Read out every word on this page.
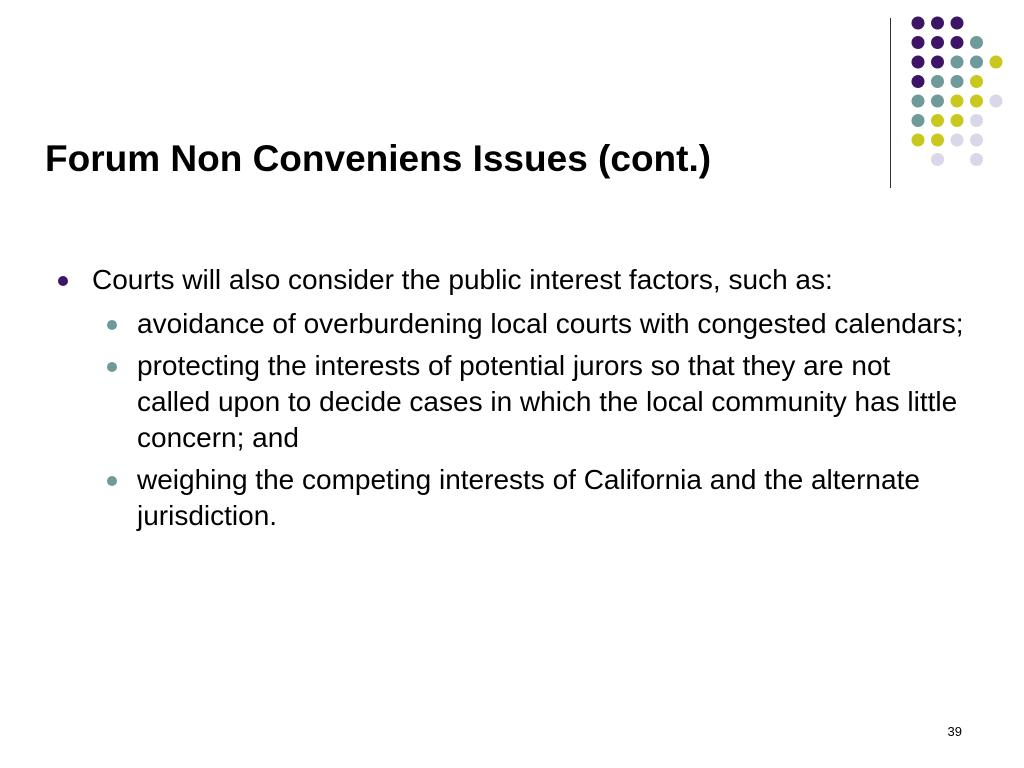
Forum Non Conveniens Issues (cont.)
Courts will also consider the public interest factors, such as:
avoidance of overburdening local courts with congested calendars;
protecting the interests of potential jurors so that they are not called upon to decide cases in which the local community has little concern; and
weighing the competing interests of California and the alternate jurisdiction.
39
